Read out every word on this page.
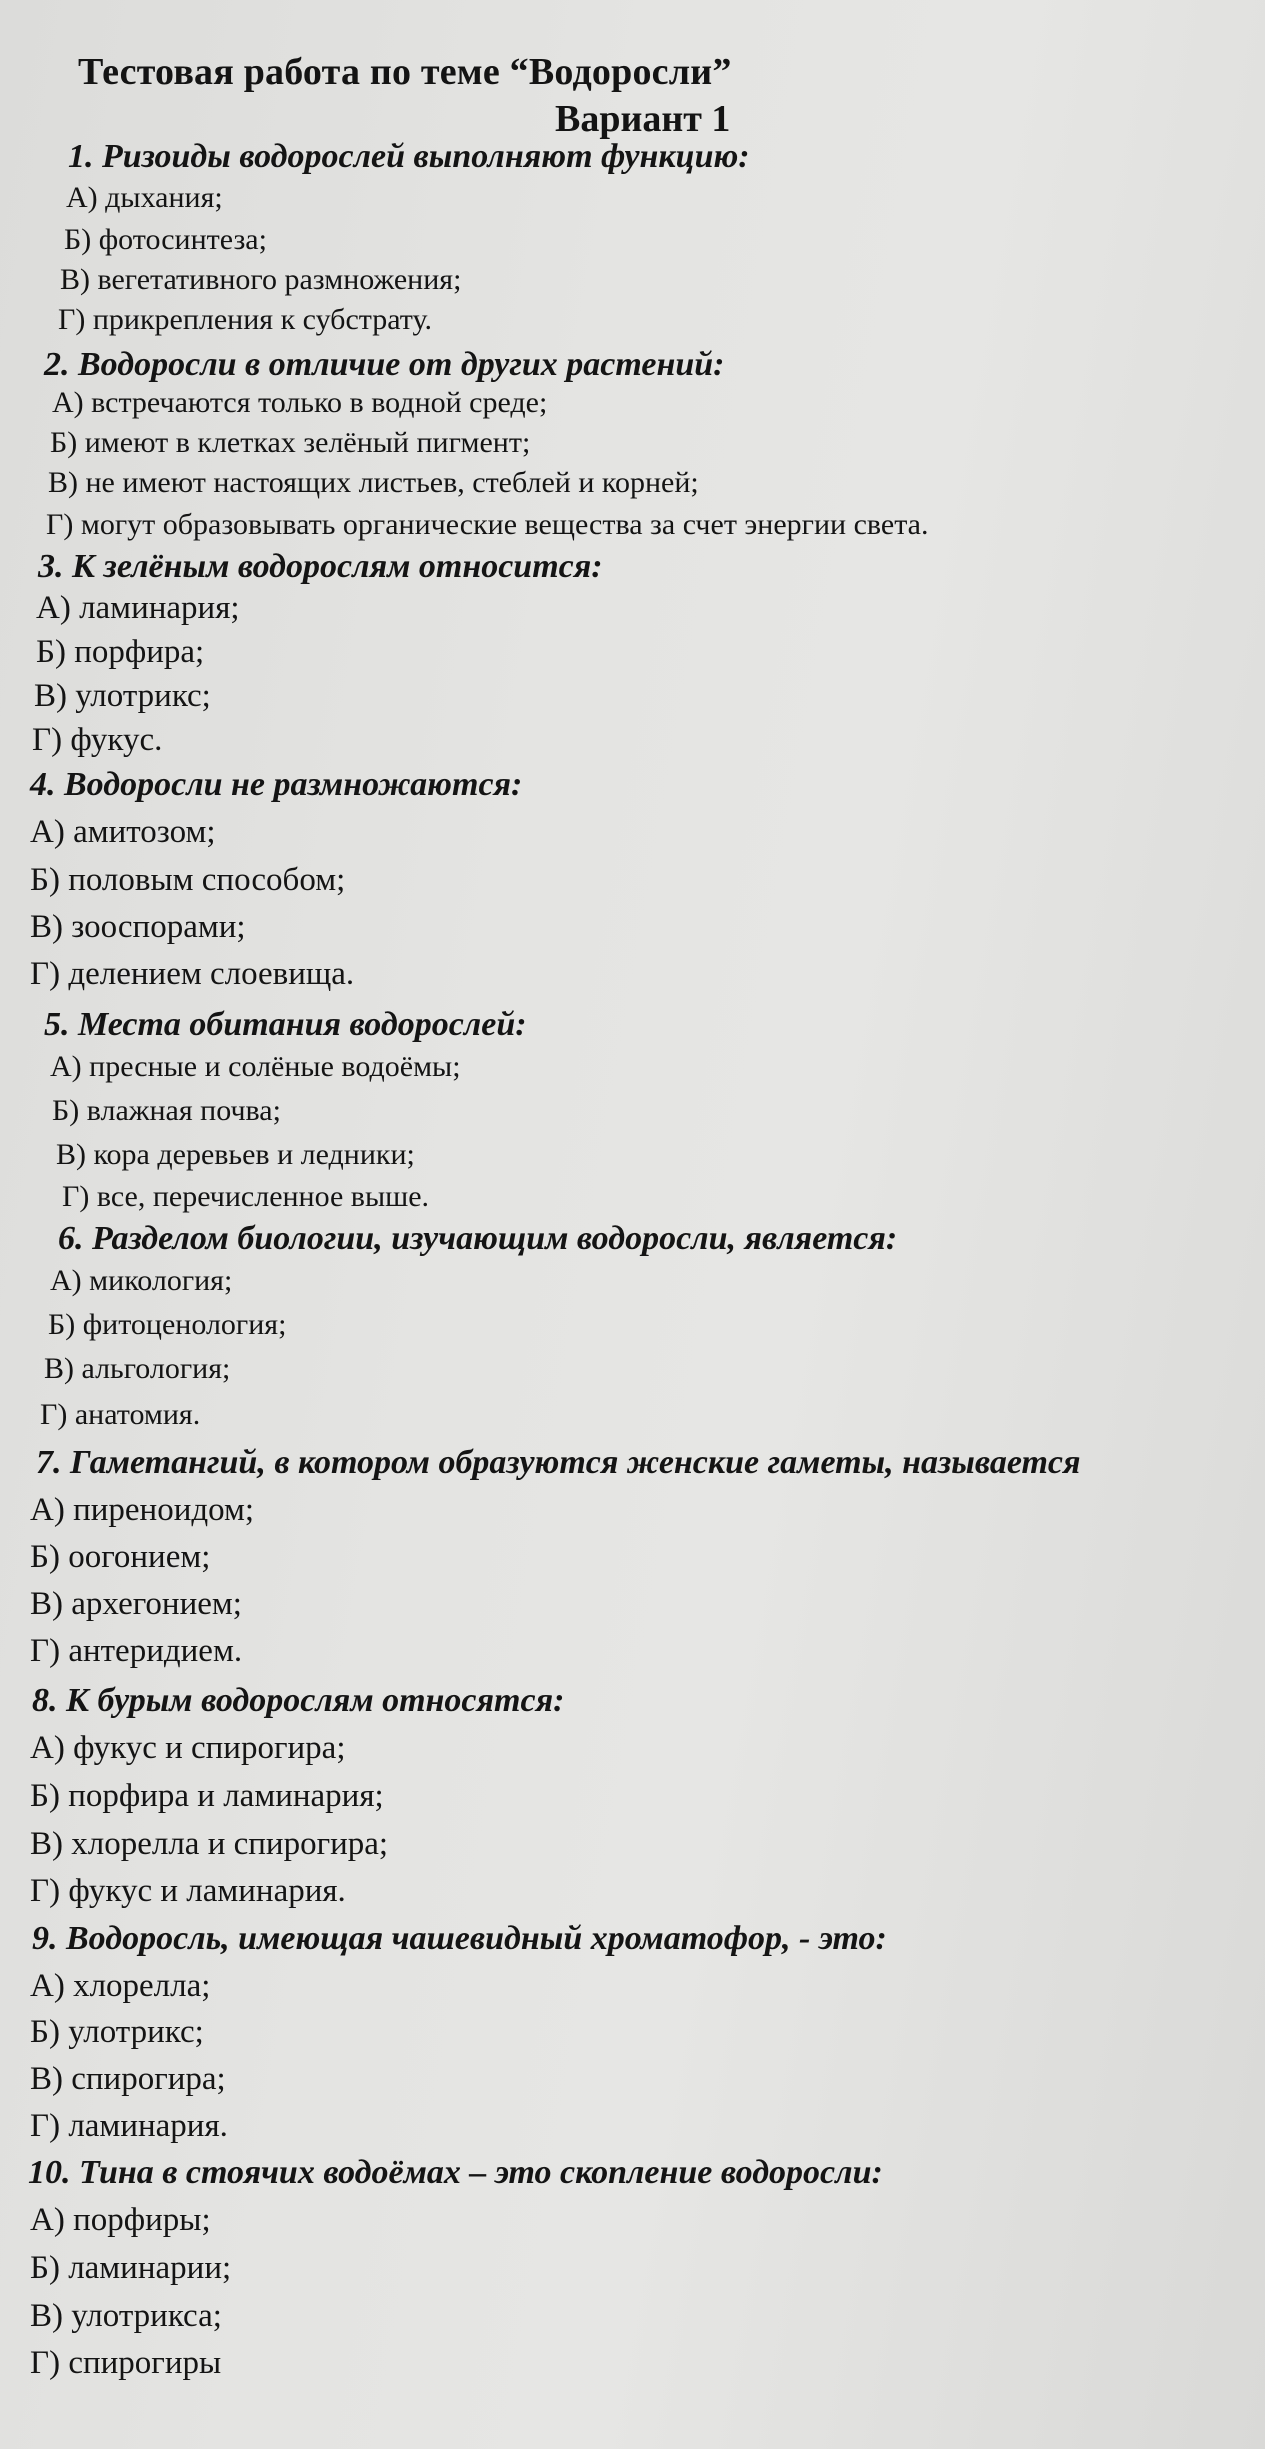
Тестовая работа по теме “Водоросли”
Вариант 1
1. Ризоиды водорослей выполняют функцию:
А) дыхания;
Б) фотосинтеза;
В) вегетативного размножения;
Г) прикрепления к субстрату.
2. Водоросли в отличие от других растений:
А) встречаются только в водной среде;
Б) имеют в клетках зелёный пигмент;
В) не имеют настоящих листьев, стеблей и корней;
Г) могут образовывать органические вещества за счет энергии света.
3. К зелёным водорослям относится:
А) ламинария;
Б) порфира;
В) улотрикс;
Г) фукус.
4. Водоросли не размножаются:
А) амитозом;
Б) половым способом;
В) зооспорами;
Г) делением слоевища.
5. Места обитания водорослей:
А) пресные и солёные водоёмы;
Б) влажная почва;
В) кора деревьев и ледники;
Г) все, перечисленное выше.
6. Разделом биологии, изучающим водоросли, является:
А) микология;
Б) фитоценология;
В) альгология;
Г) анатомия.
7. Гаметангий, в котором образуются женские гаметы, называется
А) пиреноидом;
Б) оогонием;
В) архегонием;
Г) антеридием.
8. К бурым водорослям относятся:
А) фукус и спирогира;
Б) порфира и ламинария;
В) хлорелла и спирогира;
Г) фукус и ламинария.
9. Водоросль, имеющая чашевидный хроматофор, - это:
А) хлорелла;
Б) улотрикс;
В) спирогира;
Г) ламинария.
10. Тина в стоячих водоёмах – это скопление водоросли:
А) порфиры;
Б) ламинарии;
В) улотрикса;
Г) спирогиры
